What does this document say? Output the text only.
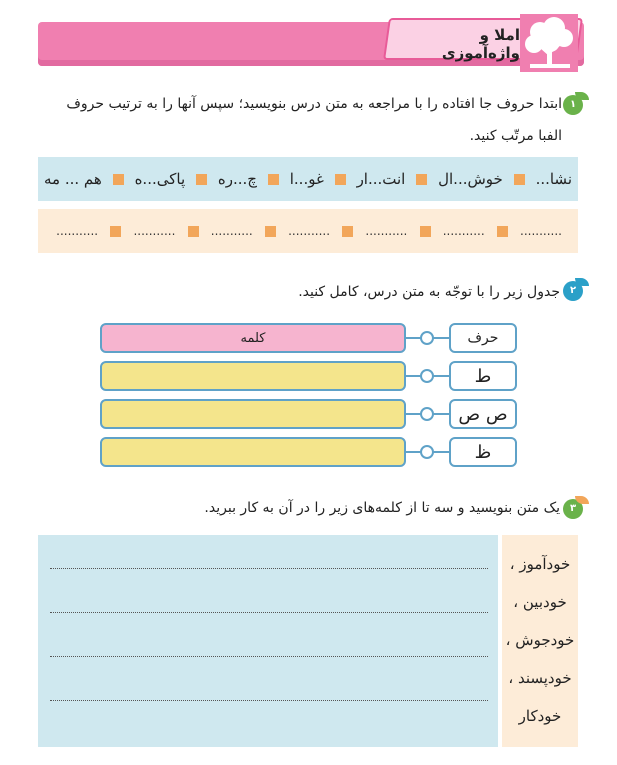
املا و واژه‌آموزی
۱
ابتدا حروف جا افتاده را با مراجعه به متن درس بنویسید؛ سپس آنها را به ترتیب حروف الفبا مرتّب کنید.
نشا...
خوش...ال
انت...ار
غو...ا
چ...ره
پاکی...ه
هم ... مه
...........
...........
...........
...........
...........
...........
...........
۲
جدول زیر را با توجّه به متن درس، کامل کنید.
کلمه	حرف
ط
ص ص
ظ
۳
یک متن بنویسید و سه تا از کلمه‌های زیر را در آن به کار ببرید.
خودآموز ،
خودبین ،
خودجوش ،
خودپسند ،
خودکار
